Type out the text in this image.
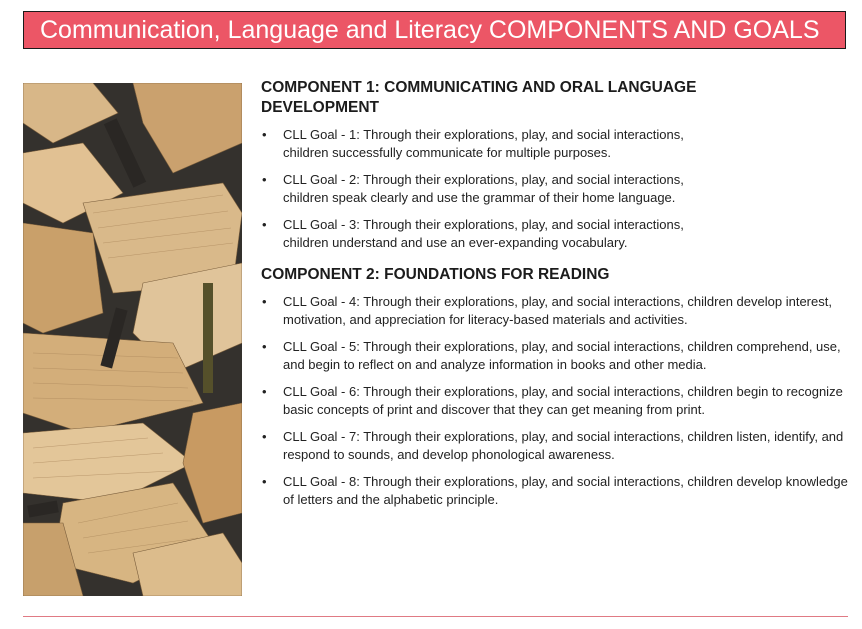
Communication, Language and Literacy COMPONENTS AND GOALS
COMPONENT 1: COMMUNICATING AND ORAL LANGUAGE DEVELOPMENT
• CLL Goal - 1: Through their explorations, play, and social interactions, children successfully communicate for multiple purposes.
• CLL Goal - 2: Through their explorations, play, and social interactions, children speak clearly and use the grammar of their home language.
• CLL Goal - 3: Through their explorations, play, and social interactions, children understand and use an ever-expanding vocabulary.
COMPONENT 2: FOUNDATIONS FOR READING
• CLL Goal - 4: Through their explorations, play, and social interactions, children develop interest, motivation, and appreciation for literacy-based materials and activities.
• CLL Goal - 5: Through their explorations, play, and social interactions, children comprehend, use, and begin to reflect on and analyze information in books and other media.
• CLL Goal - 6: Through their explorations, play, and social interactions, children begin to recognize basic concepts of print and discover that they can get meaning from print.
• CLL Goal - 7: Through their explorations, play, and social interactions, children listen, identify, and respond to sounds, and develop phonological awareness.
• CLL Goal - 8: Through their explorations, play, and social interactions, children develop knowledge of letters and the alphabetic principle.
